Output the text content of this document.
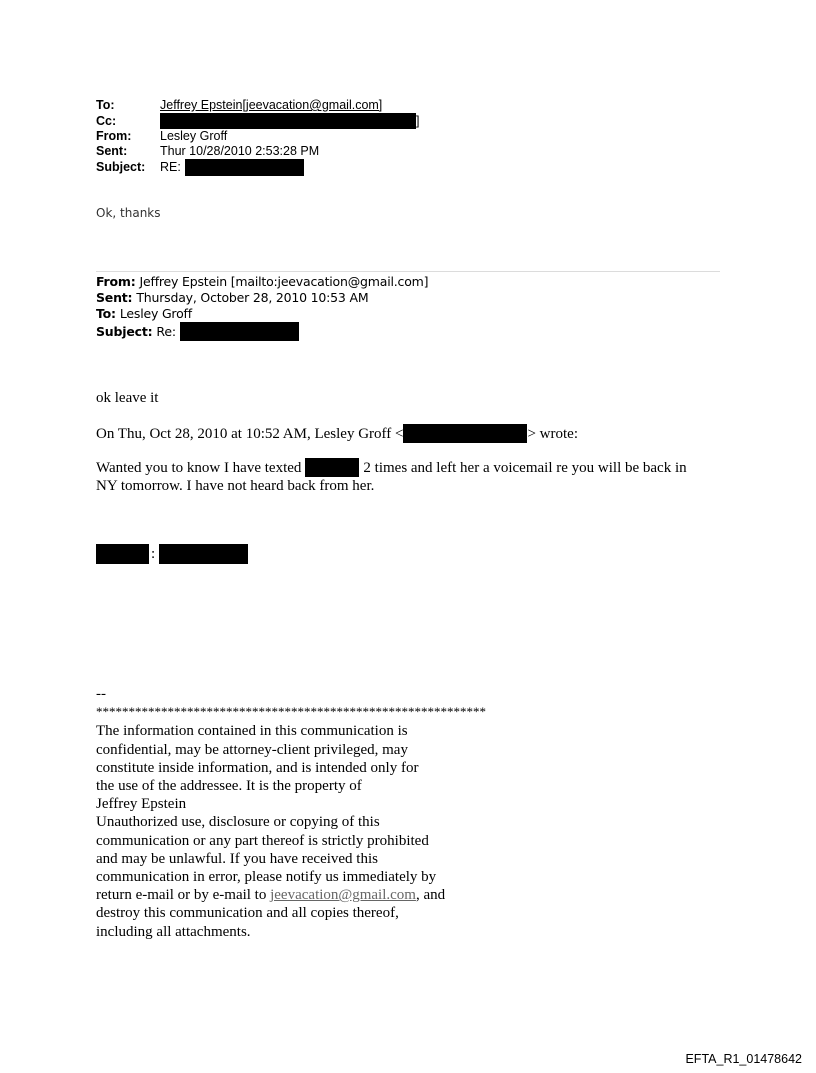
To:	Jeffrey Epstein[jeevacation@gmail.com]
Cc:	]
From:	Lesley Groff
Sent:	Thur 10/28/2010 2:53:28 PM
Subject:	RE:
Ok, thanks
From: Jeffrey Epstein [mailto:jeevacation@gmail.com]
Sent: Thursday, October 28, 2010 10:53 AM
To: Lesley Groff
Subject: Re:
ok leave it
On Thu, Oct 28, 2010 at 10:52 AM, Lesley Groff <	> wrote:
Wanted you to know I have texted	2 times and left her a voicemail re you will be back in
NY tomorrow. I have not heard back from her.
:
--
************************************************************
The information contained in this communication is
confidential, may be attorney-client privileged, may
constitute inside information, and is intended only for
the use of the addressee. It is the property of
Jeffrey Epstein
Unauthorized use, disclosure or copying of this
communication or any part thereof is strictly prohibited
and may be unlawful. If you have received this
communication in error, please notify us immediately by
return e-mail or by e-mail to jeevacation@gmail.com, and
destroy this communication and all copies thereof,
including all attachments.
EFTA_R1_01478642
